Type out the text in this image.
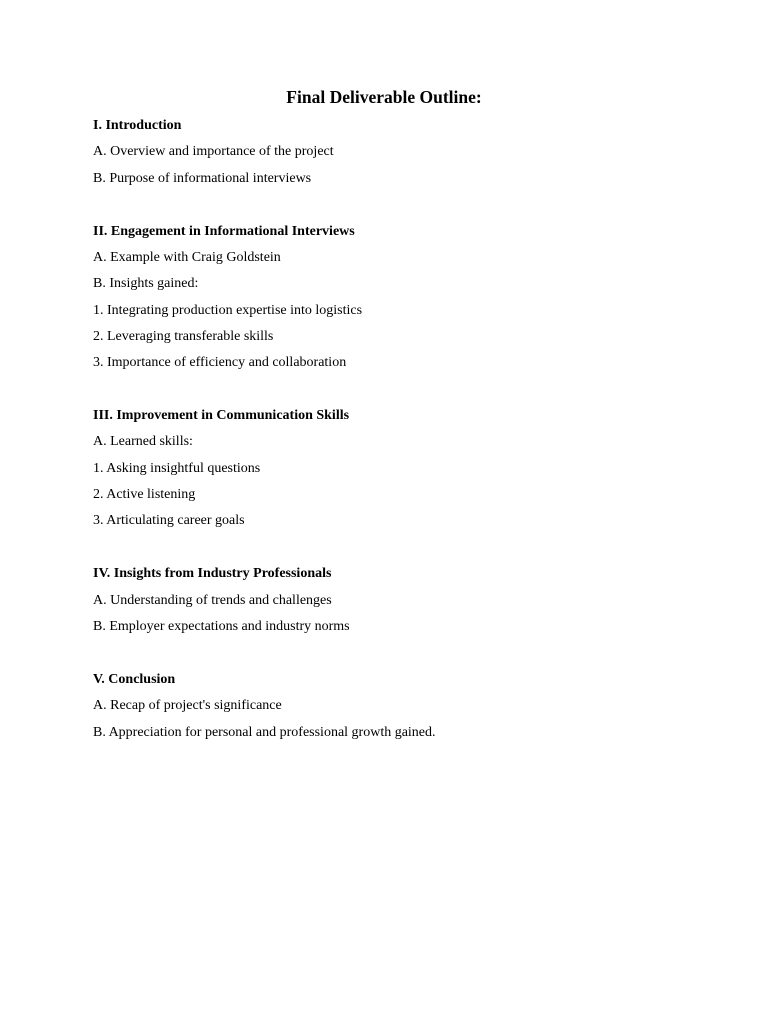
Final Deliverable Outline:
I. Introduction
A. Overview and importance of the project
B. Purpose of informational interviews
II. Engagement in Informational Interviews
A. Example with Craig Goldstein
B. Insights gained:
1. Integrating production expertise into logistics
2. Leveraging transferable skills
3. Importance of efficiency and collaboration
III. Improvement in Communication Skills
A. Learned skills:
1. Asking insightful questions
2. Active listening
3. Articulating career goals
IV. Insights from Industry Professionals
A. Understanding of trends and challenges
B. Employer expectations and industry norms
V. Conclusion
A. Recap of project's significance
B. Appreciation for personal and professional growth gained.
